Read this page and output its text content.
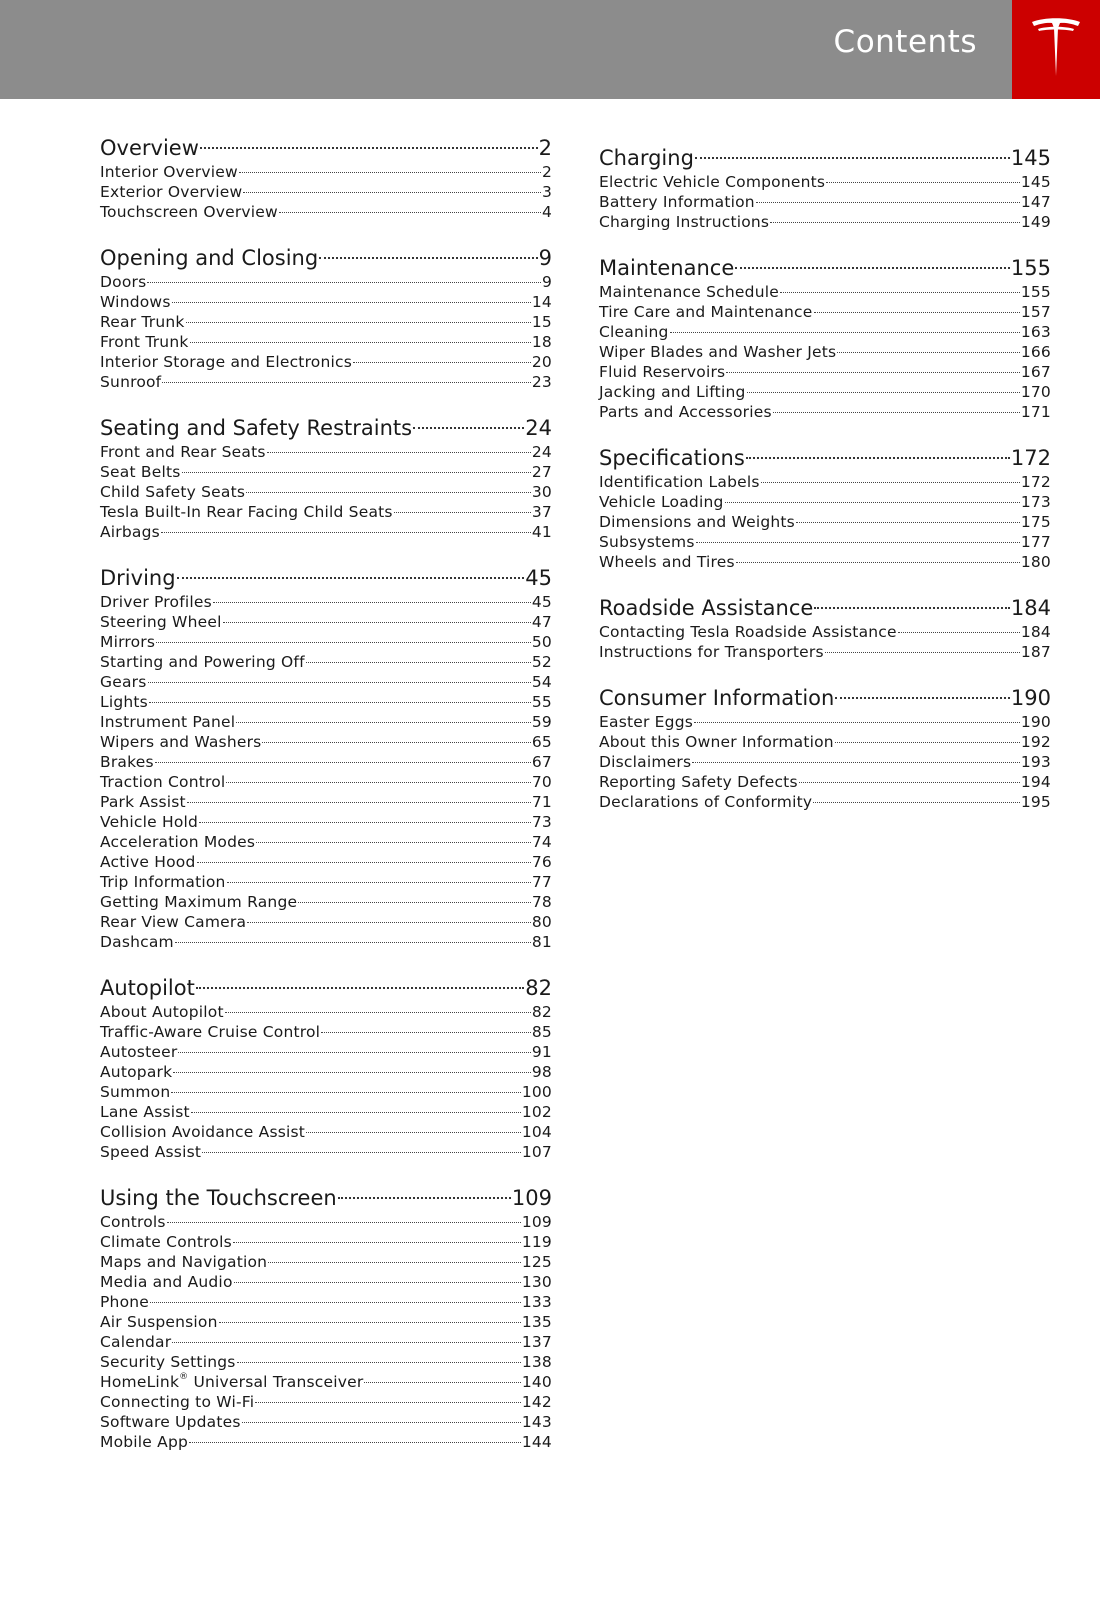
Contents
Overview	2
Interior Overview	2
Exterior Overview	3
Touchscreen Overview	4
Opening and Closing	9
Doors	9
Windows	14
Rear Trunk	15
Front Trunk	18
Interior Storage and Electronics	20
Sunroof	23
Seating and Safety Restraints	24
Front and Rear Seats	24
Seat Belts	27
Child Safety Seats	30
Tesla Built-In Rear Facing Child Seats	37
Airbags	41
Driving	45
Driver Profiles	45
Steering Wheel	47
Mirrors	50
Starting and Powering Off	52
Gears	54
Lights	55
Instrument Panel	59
Wipers and Washers	65
Brakes	67
Traction Control	70
Park Assist	71
Vehicle Hold	73
Acceleration Modes	74
Active Hood	76
Trip Information	77
Getting Maximum Range	78
Rear View Camera	80
Dashcam	81
Autopilot	82
About Autopilot	82
Traffic-Aware Cruise Control	85
Autosteer	91
Autopark	98
Summon	100
Lane Assist	102
Collision Avoidance Assist	104
Speed Assist	107
Using the Touchscreen	109
Controls	109
Climate Controls	119
Maps and Navigation	125
Media and Audio	130
Phone	133
Air Suspension	135
Calendar	137
Security Settings	138
HomeLink® Universal Transceiver	140
Connecting to Wi-Fi	142
Software Updates	143
Mobile App	144
Charging	145
Electric Vehicle Components	145
Battery Information	147
Charging Instructions	149
Maintenance	155
Maintenance Schedule	155
Tire Care and Maintenance	157
Cleaning	163
Wiper Blades and Washer Jets	166
Fluid Reservoirs	167
Jacking and Lifting	170
Parts and Accessories	171
Specifications	172
Identification Labels	172
Vehicle Loading	173
Dimensions and Weights	175
Subsystems	177
Wheels and Tires	180
Roadside Assistance	184
Contacting Tesla Roadside Assistance	184
Instructions for Transporters	187
Consumer Information	190
Easter Eggs	190
About this Owner Information	192
Disclaimers	193
Reporting Safety Defects	194
Declarations of Conformity	195
